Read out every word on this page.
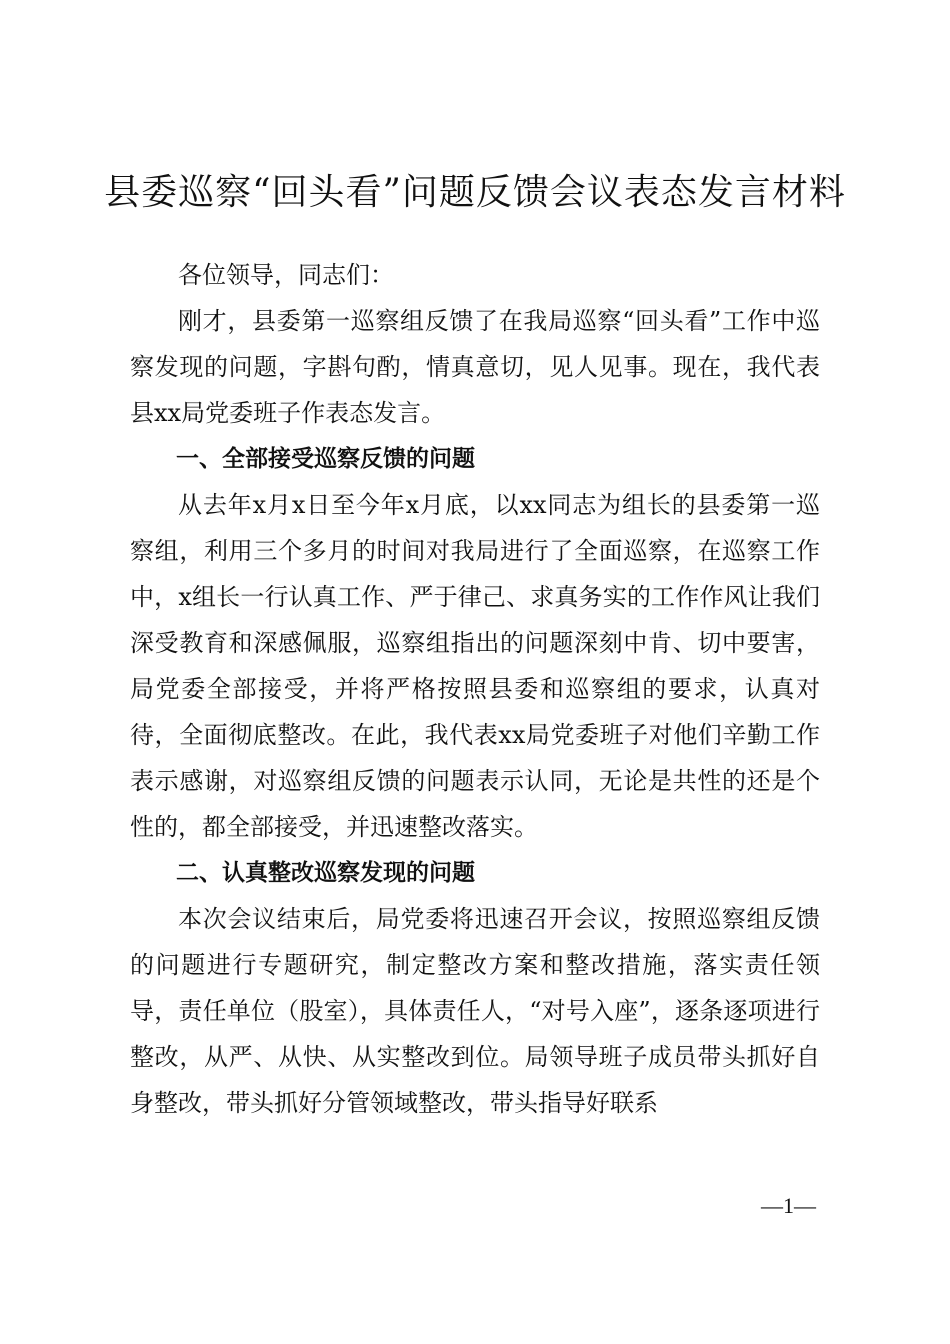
县委巡察“回头看”问题反馈会议表态发言材料

各位领导，同志们：

刚才，县委第一巡察组反馈了在我局巡察“回头看”工作中巡察发现的问题，字斟句酌，情真意切，见人见事。现在，我代表县xx局党委班子作表态发言。

一、全部接受巡察反馈的问题

从去年x月x日至今年x月底，以xx同志为组长的县委第一巡察组，利用三个多月的时间对我局进行了全面巡察，在巡察工作中，x组长一行认真工作、严于律己、求真务实的工作作风让我们深受教育和深感佩服，巡察组指出的问题深刻中肯、切中要害，局党委全部接受，并将严格按照县委和巡察组的要求，认真对待，全面彻底整改。在此，我代表xx局党委班子对他们辛勤工作表示感谢，对巡察组反馈的问题表示认同，无论是共性的还是个性的，都全部接受，并迅速整改落实。

二、认真整改巡察发现的问题

本次会议结束后，局党委将迅速召开会议，按照巡察组反馈的问题进行专题研究，制定整改方案和整改措施，落实责任领导，责任单位（股室），具体责任人，“对号入座”，逐条逐项进行整改，从严、从快、从实整改到位。局领导班子成员带头抓好自身整改，带头抓好分管领域整改，带头指导好联系

—1—
